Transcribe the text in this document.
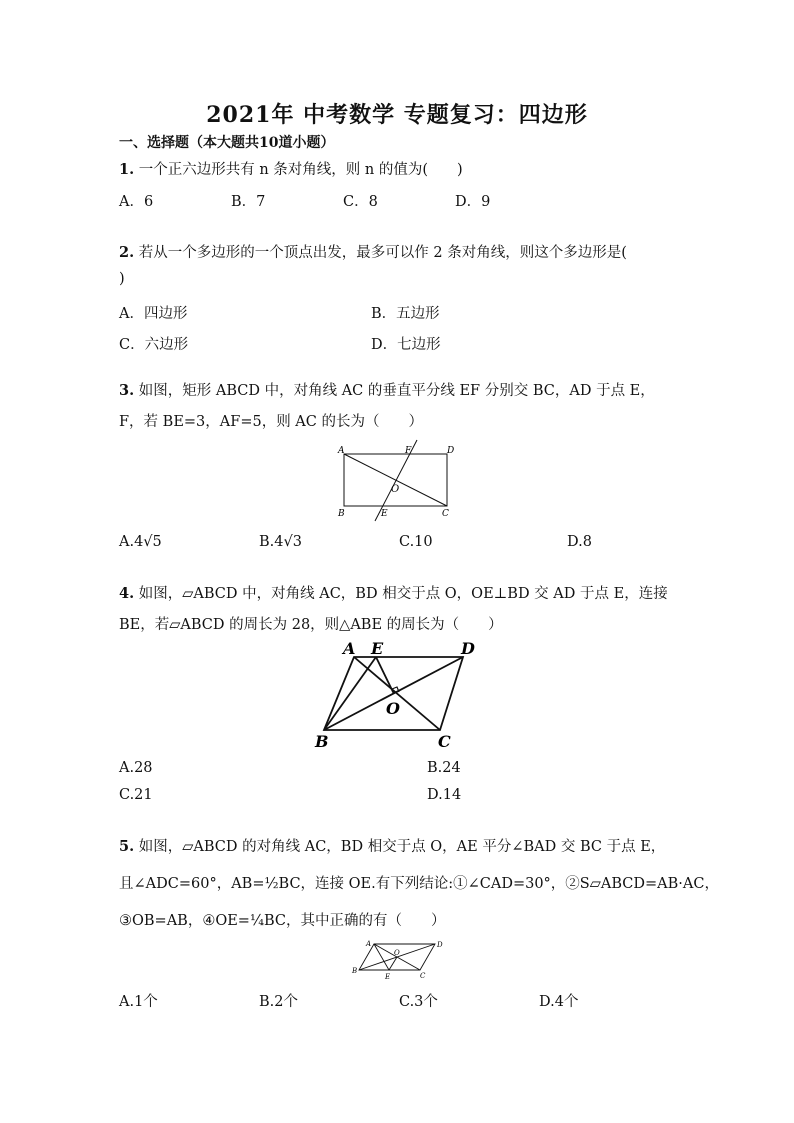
2021年 中考数学 专题复习：四边形
一、选择题（本大题共10道小题）
1. 一个正六边形共有 n 条对角线，则 n 的值为(　　)
A．6	B．7	C．8	D．9
2. 若从一个多边形的一个顶点出发，最多可以作 2 条对角线，则这个多边形是(
)
A．四边形	B．五边形
C．六边形	D．七边形
3. 如图，矩形 ABCD 中，对角线 AC 的垂直平分线 EF 分别交 BC，AD 于点 E，
F，若 BE=3，AF=5，则 AC 的长为（　　）
A	F	D
O
B	E	C
A.4√5	B.4√3	C.10	D.8
4. 如图，▱ABCD 中，对角线 AC，BD 相交于点 O，OE⊥BD 交 AD 于点 E，连接
BE，若▱ABCD 的周长为 28，则△ABE 的周长为（　　）
A E	D
O
B	C
A.28	B.24
C.21	D.14
5. 如图，▱ABCD 的对角线 AC，BD 相交于点 O，AE 平分∠BAD 交 BC 于点 E，
且∠ADC=60°，AB=½BC，连接 OE.有下列结论:①∠CAD=30°，②S▱ABCD=AB·AC，
③OB=AB，④OE=¼BC，其中正确的有（　　）
A	D
O
B
E	C
A.1个	B.2个	C.3个	D.4个
